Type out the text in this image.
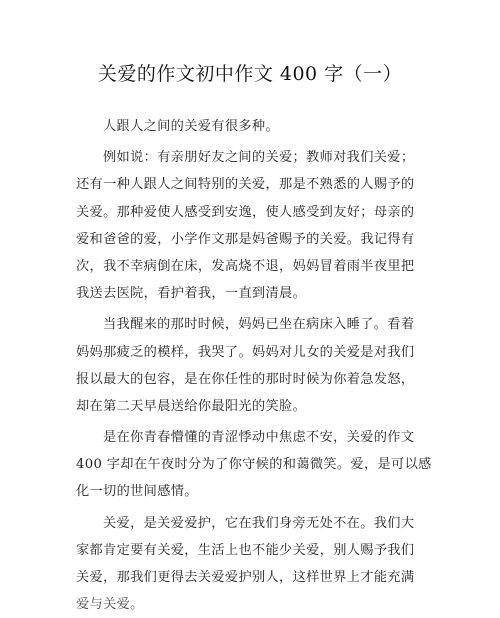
关爱的作文初中作文 400 字（一）
人跟人之间的关爱有很多种。
例如说：有亲朋好友之间的关爱；教师对我们关爱；
还有一种人跟人之间特别的关爱，那是不熟悉的人赐予的
关爱。那种爱使人感受到安逸，使人感受到友好；母亲的
爱和爸爸的爱，小学作文那是妈爸赐予的关爱。我记得有
次，我不幸病倒在床，发高烧不退，妈妈冒着雨半夜里把
我送去医院，看护着我，一直到清晨。
当我醒来的那时时候，妈妈已坐在病床入睡了。看着
妈妈那疲乏的模样，我哭了。妈妈对儿女的关爱是对我们
报以最大的包容，是在你任性的那时时候为你着急发怒，
却在第二天早晨送给你最阳光的笑脸。
是在你青春懵懂的青涩悸动中焦虑不安，关爱的作文
400 字却在午夜时分为了你守候的和蔼微笑。爱，是可以感
化一切的世间感情。
关爱，是关爱爱护，它在我们身旁无处不在。我们大
家都肯定要有关爱，生活上也不能少关爱，别人赐予我们
关爱，那我们更得去关爱爱护别人，这样世界上才能充满
爱与关爱。
